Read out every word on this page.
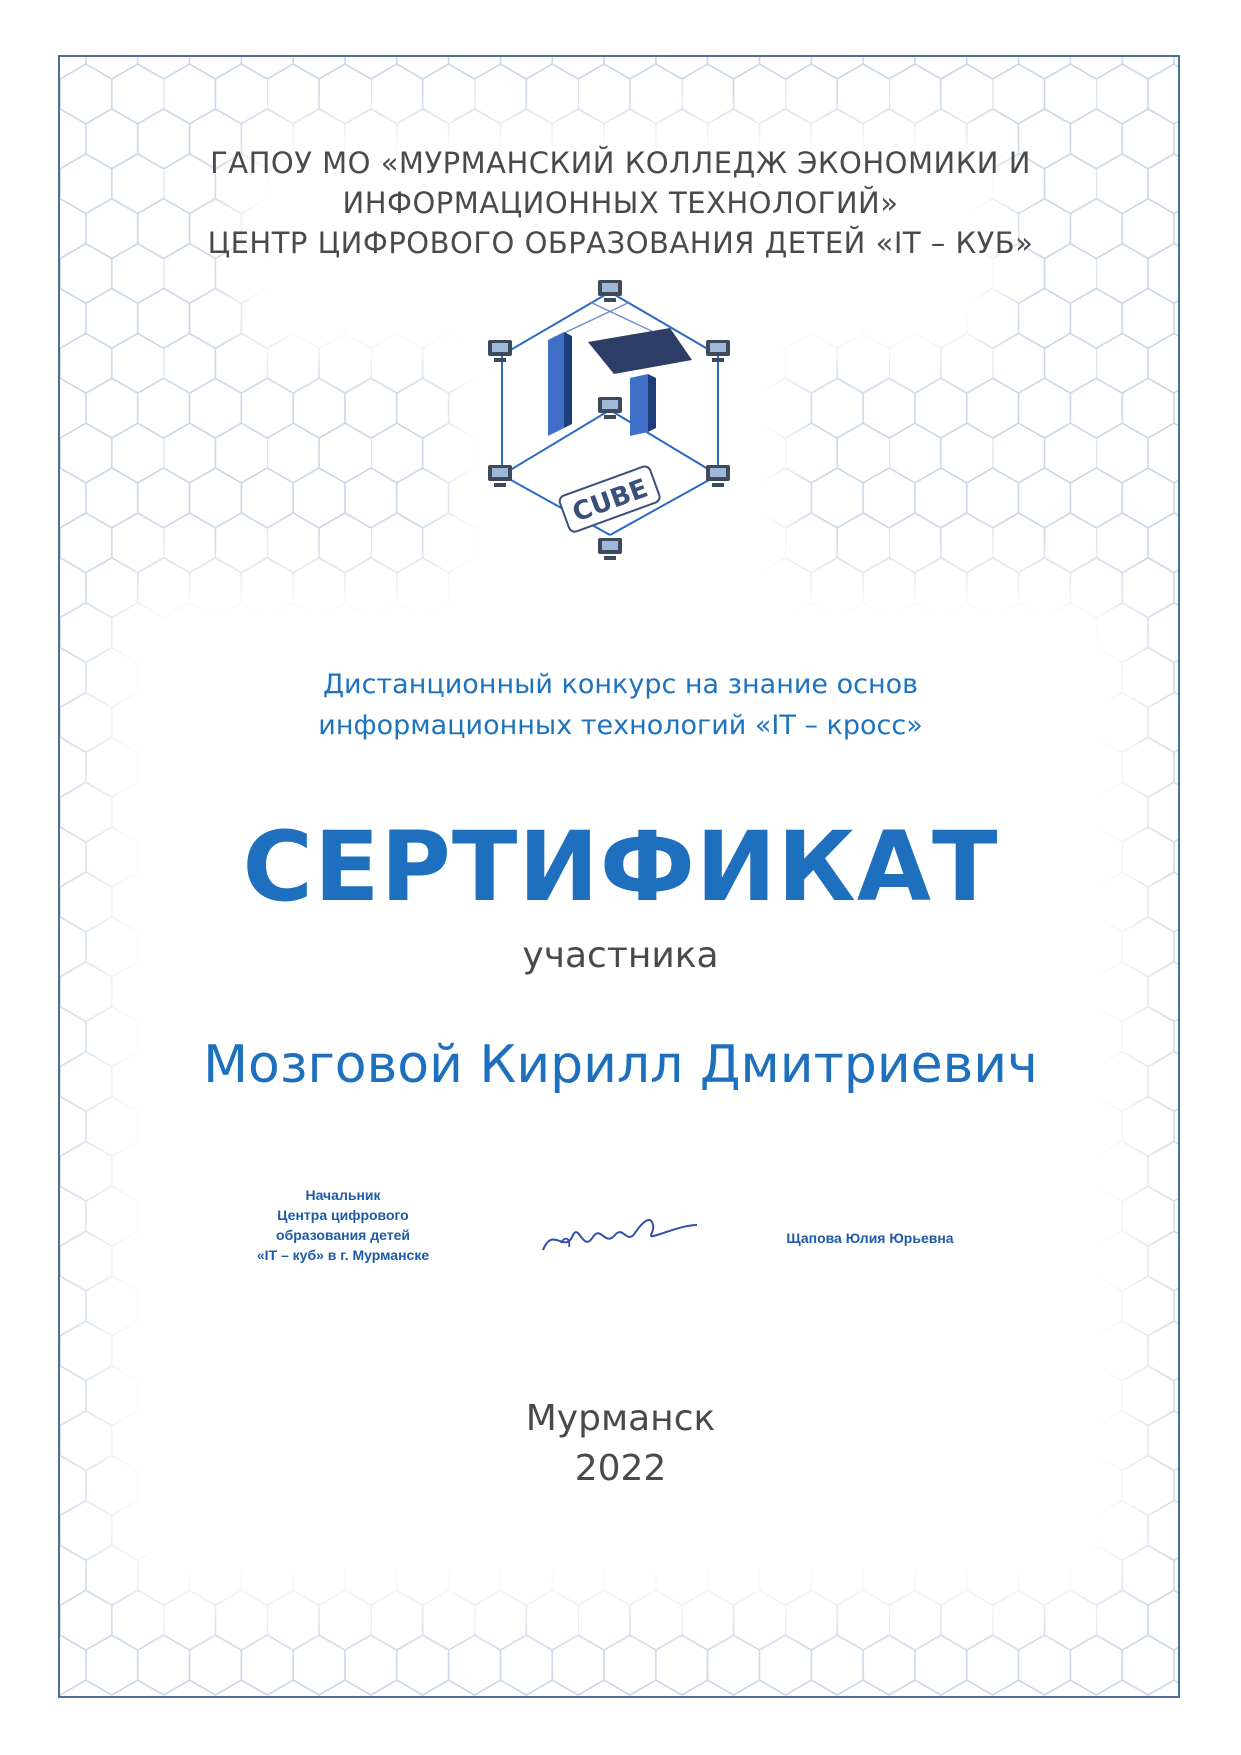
ГАПОУ МО «МУРМАНСКИЙ КОЛЛЕДЖ ЭКОНОМИКИ И
ИНФОРМАЦИОННЫХ ТЕХНОЛОГИЙ»
ЦЕНТР ЦИФРОВОГО ОБРАЗОВАНИЯ ДЕТЕЙ «IT – КУБ»
CUBE
Дистанционный конкурс на знание основ
информационных технологий «IT – кросс»
СЕРТИФИКАТ
участника
Мозговой Кирилл Дмитриевич
Начальник
Центра цифрового
образования детей
«IT – куб» в г. Мурманске
Щапова Юлия Юрьевна
Мурманск
2022
